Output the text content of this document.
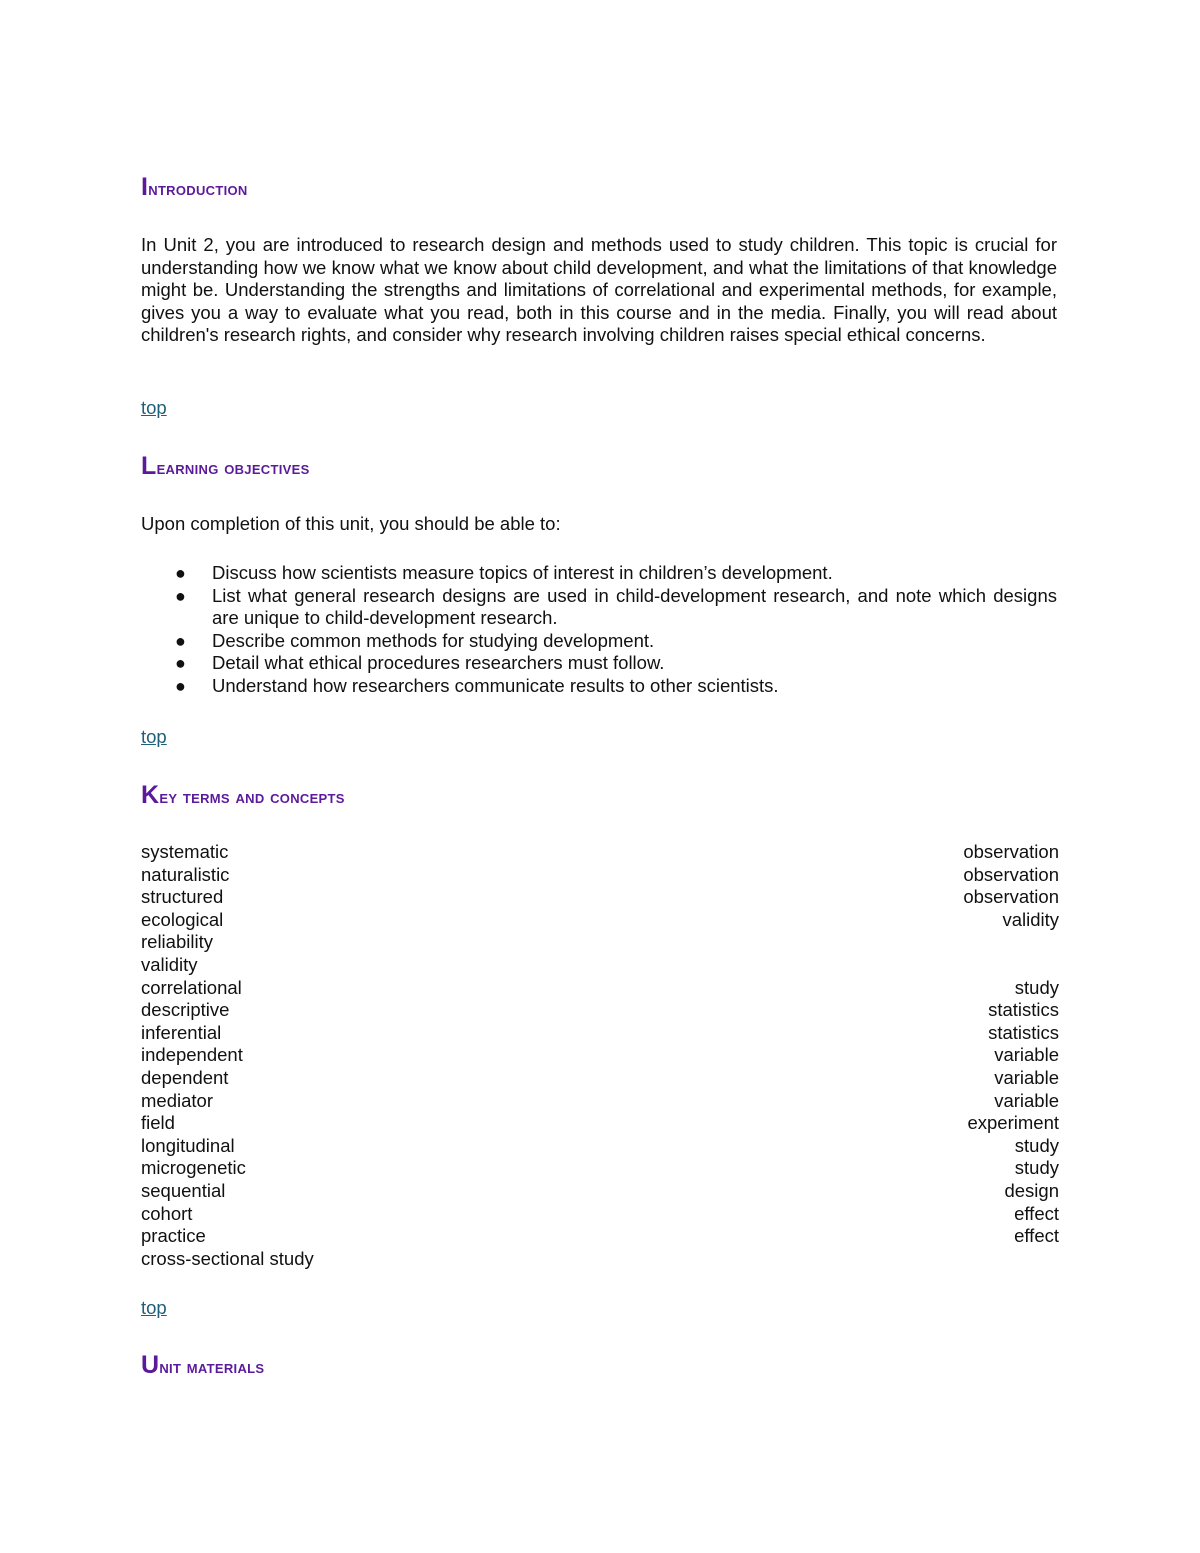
Introduction

In Unit 2, you are introduced to research design and methods used to study children. This topic is crucial for understanding how we know what we know about child development, and what the limitations of that knowledge might be. Understanding the strengths and limitations of correlational and experimental methods, for example, gives you a way to evaluate what you read, both in this course and in the media. Finally, you will read about children's research rights, and consider why research involving children raises special ethical concerns.

top
Learning objectives

Upon completion of this unit, you should be able to:

● Discuss how scientists measure topics of interest in children’s development.
● List what general research designs are used in child-development research, and note which designs are unique to child-development research.
● Describe common methods for studying development.
● Detail what ethical procedures researchers must follow.
● Understand how researchers communicate results to other scientists.
top
Key terms and concepts
systematic	observation
naturalistic	observation
structured	observation
ecological	validity
reliability
validity
correlational	study
descriptive	statistics
inferential	statistics
independent	variable
dependent	variable
mediator	variable
field	experiment
longitudinal	study
microgenetic	study
sequential	design
cohort	effect
practice	effect
cross-sectional study
top
Unit materials
